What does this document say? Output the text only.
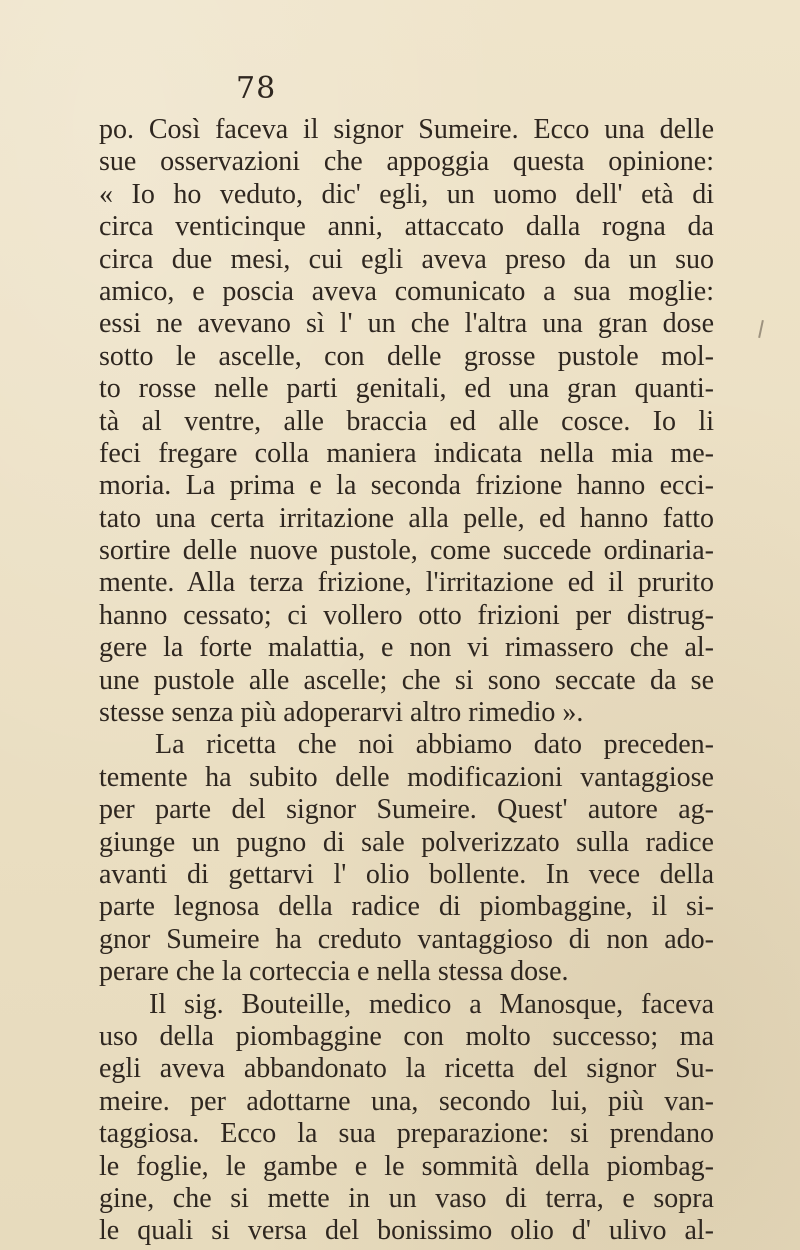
78
po. Così faceva il signor Sumeire. Ecco una delle
sue osservazioni che appoggia questa opinione:
« Io ho veduto, dic' egli, un uomo dell' età di
circa venticinque anni, attaccato dalla rogna da
circa due mesi, cui egli aveva preso da un suo
amico, e poscia aveva comunicato a sua moglie:
essi ne avevano sì l' un che l'altra una gran dose
sotto le ascelle, con delle grosse pustole mol-
to rosse nelle parti genitali, ed una gran quanti-
tà al ventre, alle braccia ed alle cosce. Io li
feci fregare colla maniera indicata nella mia me-
moria. La prima e la seconda frizione hanno ecci-
tato una certa irritazione alla pelle, ed hanno fatto
sortire delle nuove pustole, come succede ordinaria-
mente. Alla terza frizione, l'irritazione ed il prurito
hanno cessato; ci vollero otto frizioni per distrug-
gere la forte malattia, e non vi rimassero che al-
une pustole alle ascelle; che si sono seccate da se
stesse senza più adoperarvi altro rimedio ».
La ricetta che noi abbiamo dato preceden-
temente ha subito delle modificazioni vantaggiose
per parte del signor Sumeire. Quest' autore ag-
giunge un pugno di sale polverizzato sulla radice
avanti di gettarvi l' olio bollente. In vece della
parte legnosa della radice di piombaggine, il si-
gnor Sumeire ha creduto vantaggioso di non ado-
perare che la corteccia e nella stessa dose.
Il sig. Bouteille, medico a Manosque, faceva
uso della piombaggine con molto successo; ma
egli aveva abbandonato la ricetta del signor Su-
meire. per adottarne una, secondo lui, più van-
taggiosa. Ecco la sua preparazione: si prendano
le foglie, le gambe e le sommità della piombag-
gine, che si mette in un vaso di terra, e sopra
le quali si versa del bonissimo olio d' ulivo al-
